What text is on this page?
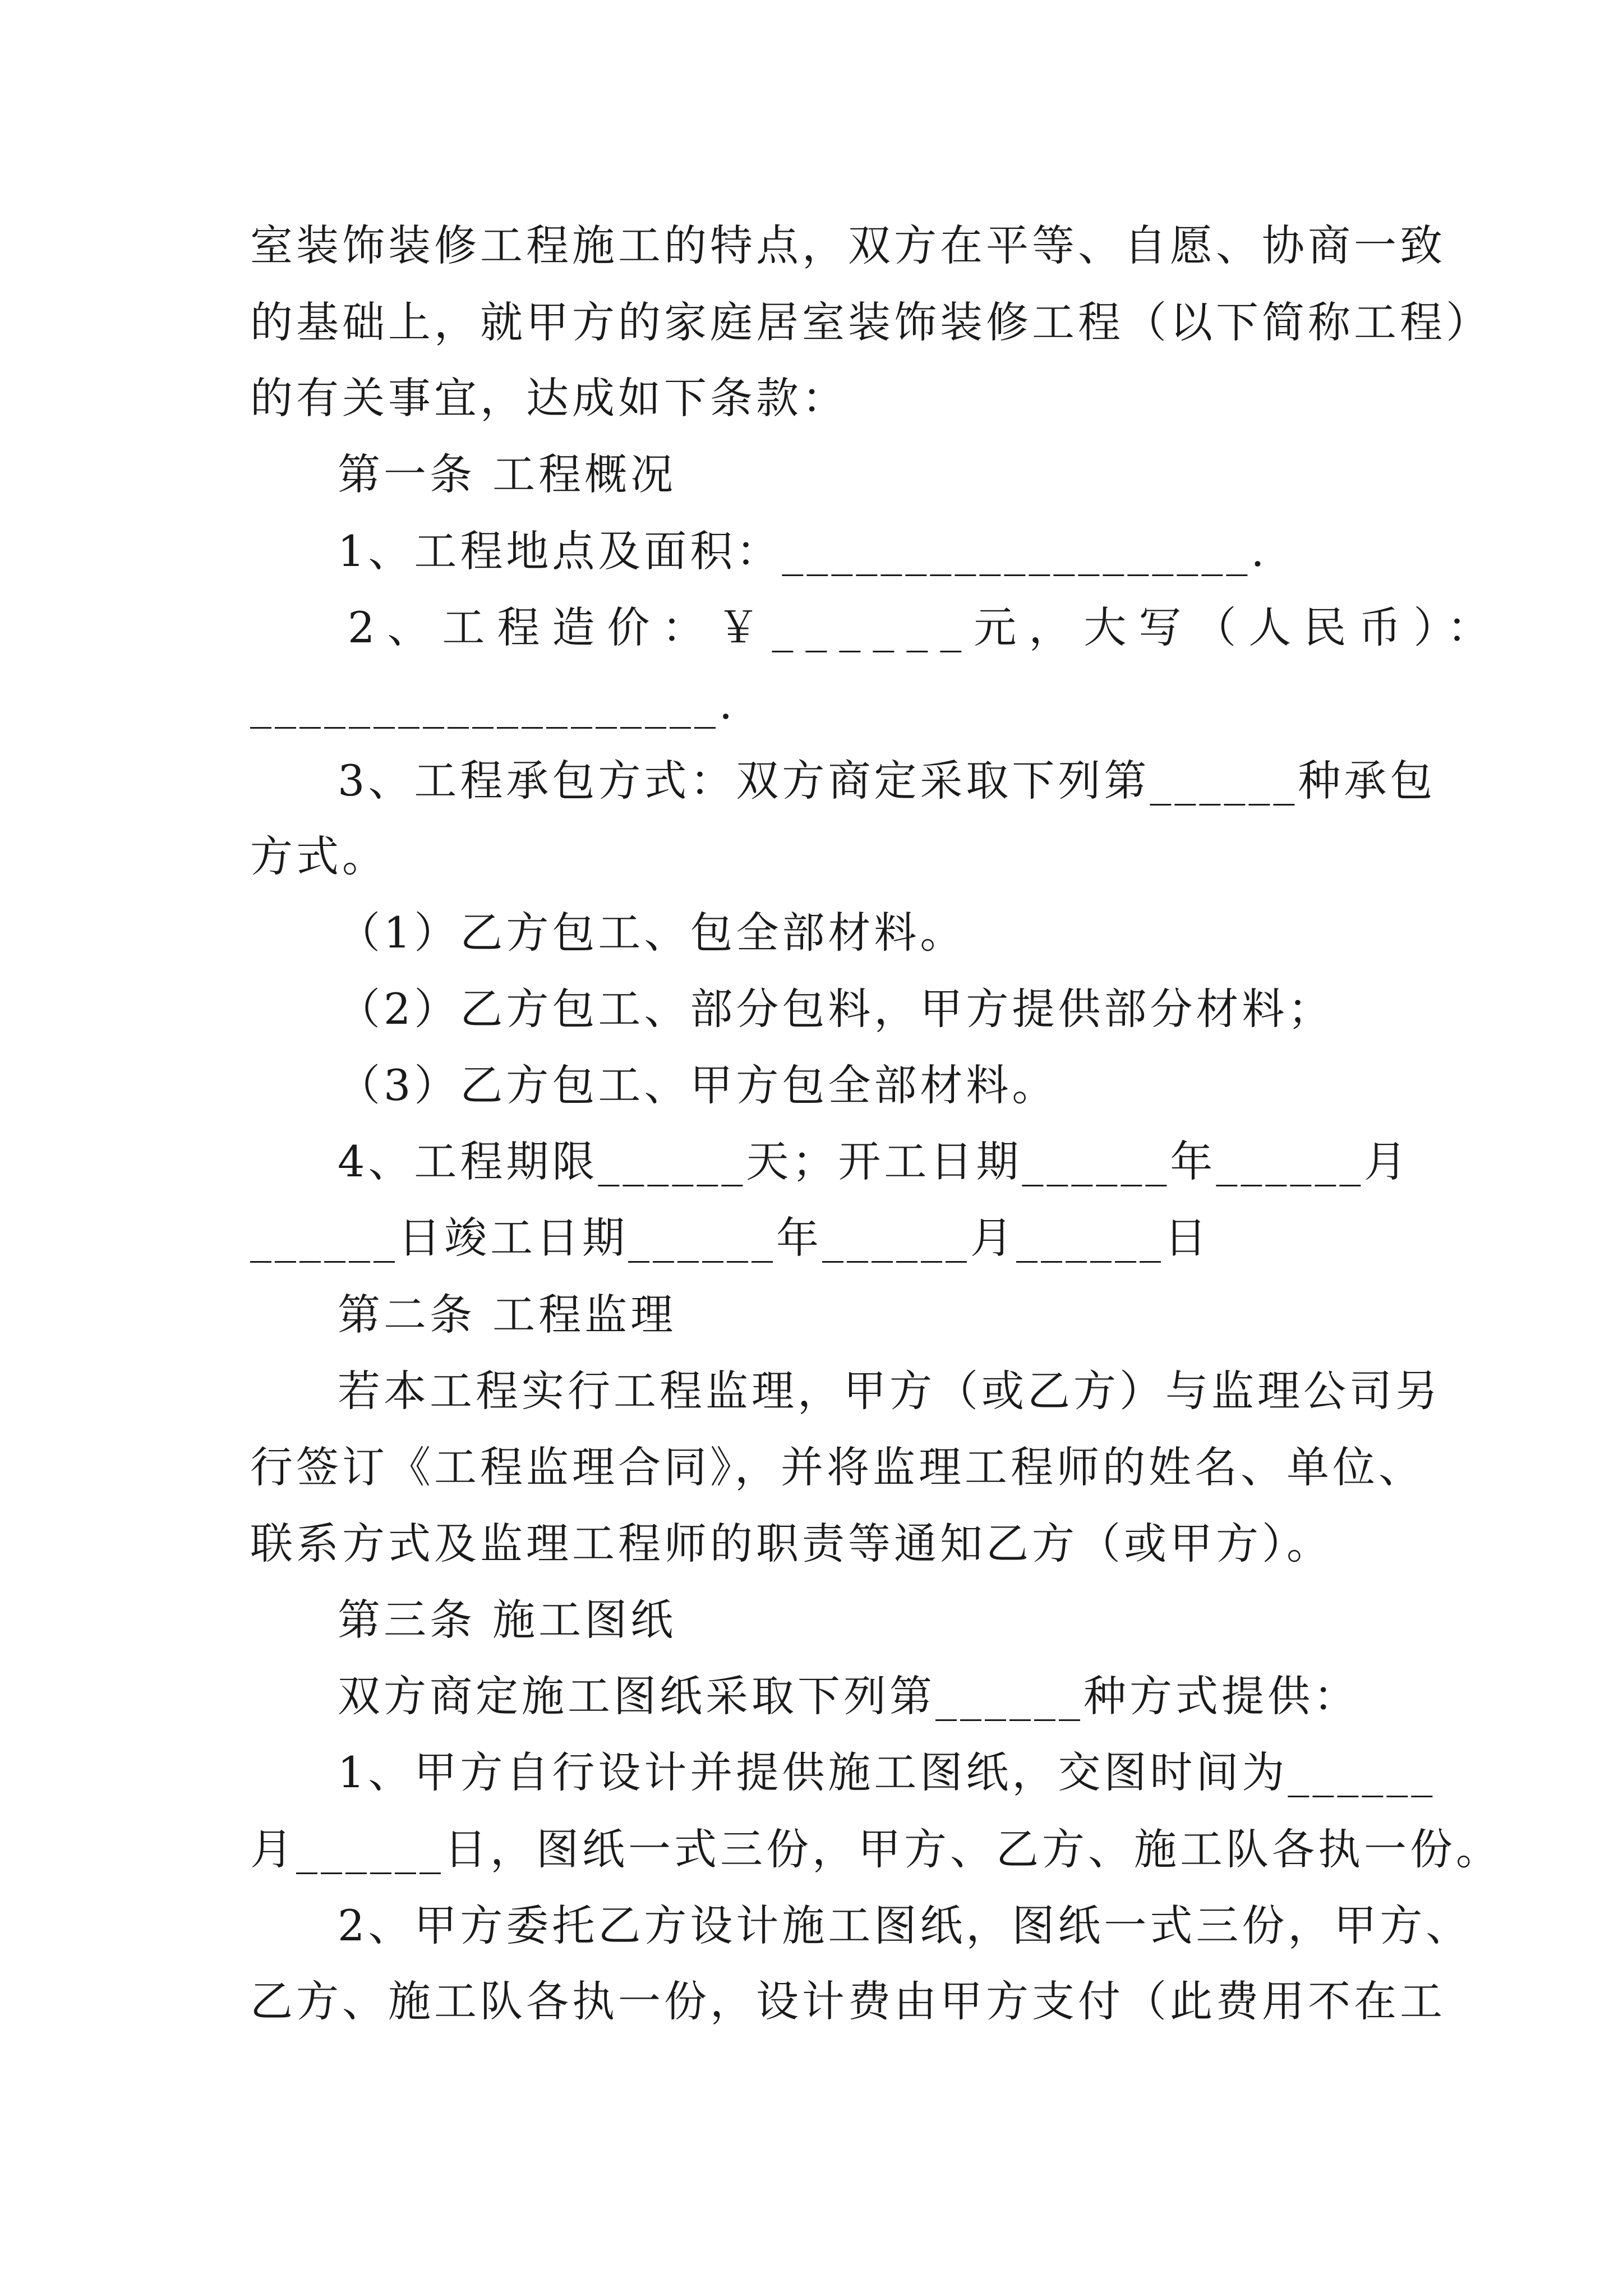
室装饰装修工程施工的特点，双方在平等、自愿、协商一致
的基础上，就甲方的家庭居室装饰装修工程（以下简称工程）
的有关事宜，达成如下条款：
第一条 工程概况
1、工程地点及面积：___________________.
2、工程造价：￥______元，大写（人民币）：
___________________.
3、工程承包方式：双方商定采取下列第______种承包
方式。
（1）乙方包工、包全部材料。
（2）乙方包工、部分包料，甲方提供部分材料；
（3）乙方包工、甲方包全部材料。
4、工程期限______天；开工日期______年______月
______日竣工日期______年______月______日
第二条 工程监理
若本工程实行工程监理，甲方（或乙方）与监理公司另
行签订《工程监理合同》，并将监理工程师的姓名、单位、
联系方式及监理工程师的职责等通知乙方（或甲方）。
第三条 施工图纸
双方商定施工图纸采取下列第______种方式提供：
1、甲方自行设计并提供施工图纸，交图时间为______
月______日，图纸一式三份，甲方、乙方、施工队各执一份。
2、甲方委托乙方设计施工图纸，图纸一式三份，甲方、
乙方、施工队各执一份，设计费由甲方支付（此费用不在工
